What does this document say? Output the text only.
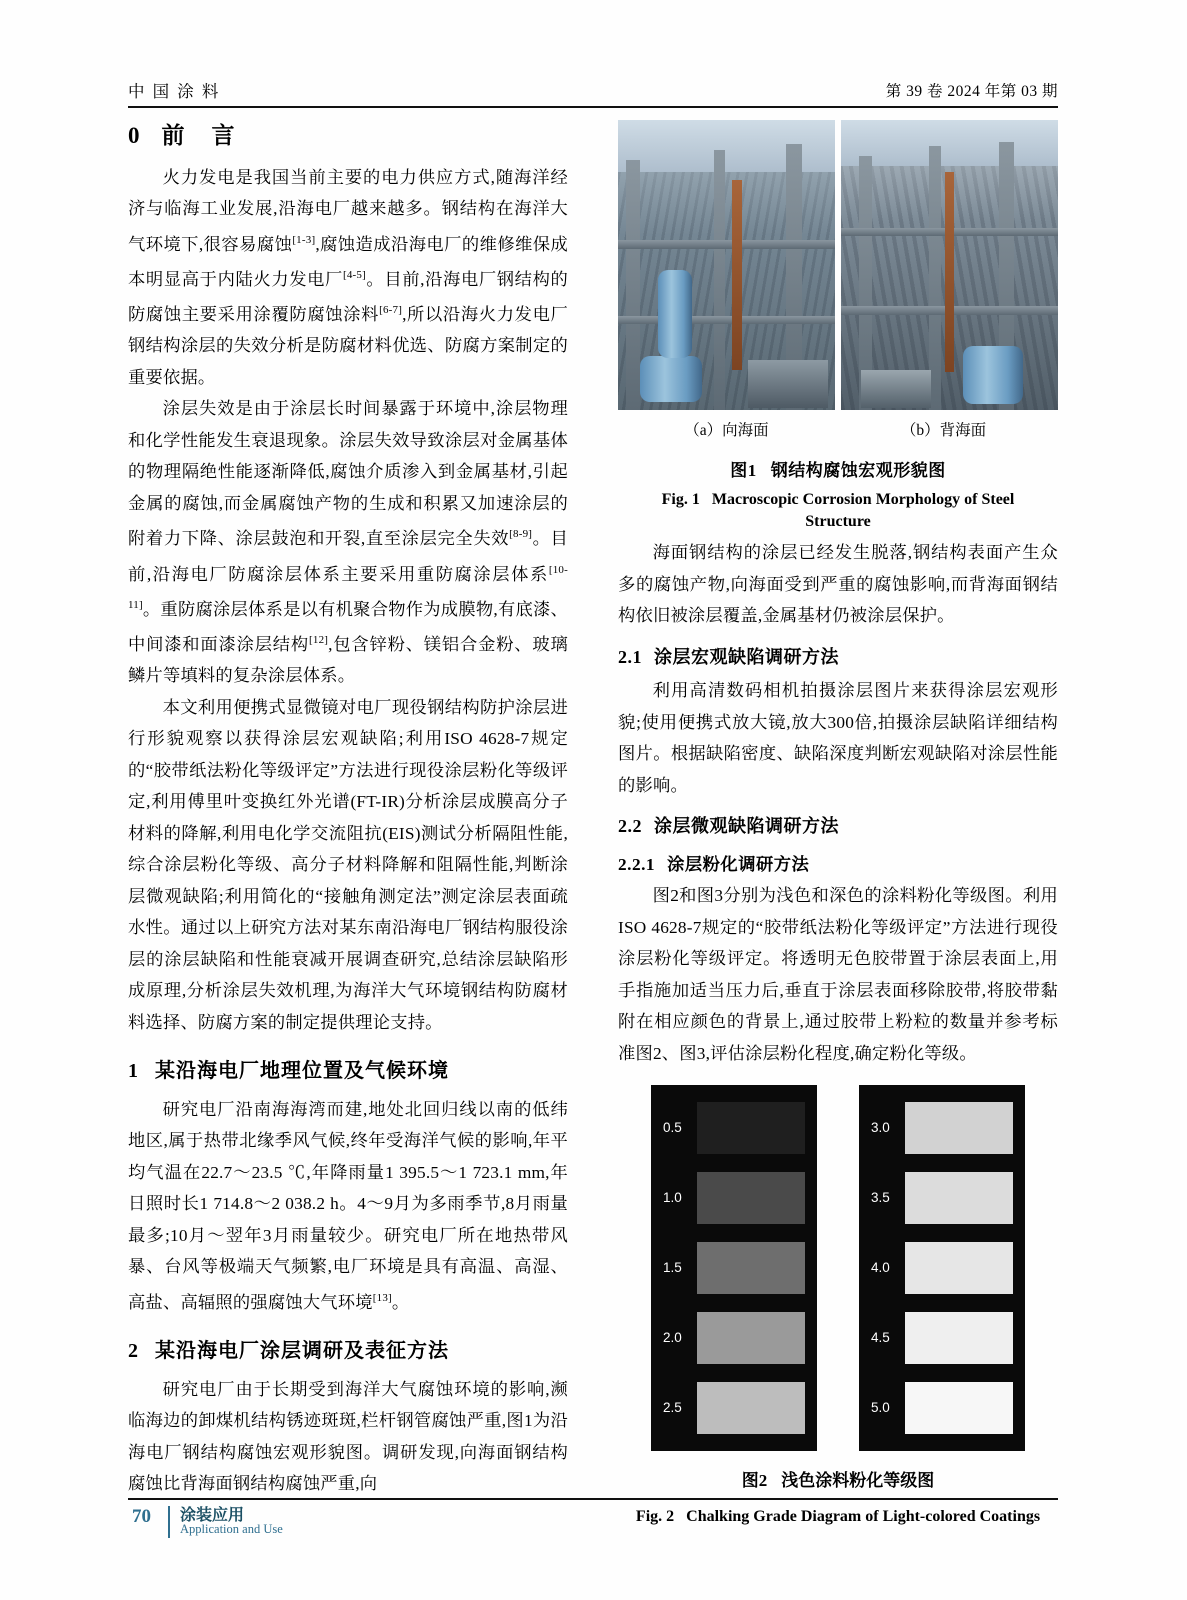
中 国 涂 料	第 39 卷 2024 年第 03 期
0 前　言

火力发电是我国当前主要的电力供应方式,随海洋经济与临海工业发展,沿海电厂越来越多。钢结构在海洋大气环境下,很容易腐蚀[1-3],腐蚀造成沿海电厂的维修维保成本明显高于内陆火力发电厂[4-5]。目前,沿海电厂钢结构的防腐蚀主要采用涂覆防腐蚀涂料[6-7],所以沿海火力发电厂钢结构涂层的失效分析是防腐材料优选、防腐方案制定的重要依据。

涂层失效是由于涂层长时间暴露于环境中,涂层物理和化学性能发生衰退现象。涂层失效导致涂层对金属基体的物理隔绝性能逐渐降低,腐蚀介质渗入到金属基材,引起金属的腐蚀,而金属腐蚀产物的生成和积累又加速涂层的附着力下降、涂层鼓泡和开裂,直至涂层完全失效[8-9]。目前,沿海电厂防腐涂层体系主要采用重防腐涂层体系[10-11]。重防腐涂层体系是以有机聚合物作为成膜物,有底漆、中间漆和面漆涂层结构[12],包含锌粉、镁铝合金粉、玻璃鳞片等填料的复杂涂层体系。

本文利用便携式显微镜对电厂现役钢结构防护涂层进行形貌观察以获得涂层宏观缺陷;利用ISO 4628-7规定的“胶带纸法粉化等级评定”方法进行现役涂层粉化等级评定,利用傅里叶变换红外光谱(FT-IR)分析涂层成膜高分子材料的降解,利用电化学交流阻抗(EIS)测试分析隔阻性能,综合涂层粉化等级、高分子材料降解和阻隔性能,判断涂层微观缺陷;利用简化的“接触角测定法”测定涂层表面疏水性。通过以上研究方法对某东南沿海电厂钢结构服役涂层的涂层缺陷和性能衰减开展调查研究,总结涂层缺陷形成原理,分析涂层失效机理,为海洋大气环境钢结构防腐材料选择、防腐方案的制定提供理论支持。

1 某沿海电厂地理位置及气候环境

研究电厂沿南海海湾而建,地处北回归线以南的低纬地区,属于热带北缘季风气候,终年受海洋气候的影响,年平均气温在22.7～23.5 ℃,年降雨量1 395.5～1 723.1 mm,年日照时长1 714.8～2 038.2 h。4～9月为多雨季节,8月雨量最多;10月～翌年3月雨量较少。研究电厂所在地热带风暴、台风等极端天气频繁,电厂环境是具有高温、高湿、高盐、高辐照的强腐蚀大气环境[13]。

2 某沿海电厂涂层调研及表征方法

研究电厂由于长期受到海洋大气腐蚀环境的影响,濒临海边的卸煤机结构锈迹斑斑,栏杆钢管腐蚀严重,图1为沿海电厂钢结构腐蚀宏观形貌图。调研发现,向海面钢结构腐蚀比背海面钢结构腐蚀严重,向

（a）向海面	（b）背海面
图1 钢结构腐蚀宏观形貌图
Fig. 1 Macroscopic Corrosion Morphology of Steel
Structure

海面钢结构的涂层已经发生脱落,钢结构表面产生众多的腐蚀产物,向海面受到严重的腐蚀影响,而背海面钢结构依旧被涂层覆盖,金属基材仍被涂层保护。

2.1 涂层宏观缺陷调研方法

利用高清数码相机拍摄涂层图片来获得涂层宏观形貌;使用便携式放大镜,放大300倍,拍摄涂层缺陷详细结构图片。根据缺陷密度、缺陷深度判断宏观缺陷对涂层性能的影响。

2.2 涂层微观缺陷调研方法
2.2.1 涂层粉化调研方法

图2和图3分别为浅色和深色的涂料粉化等级图。利用ISO 4628-7规定的“胶带纸法粉化等级评定”方法进行现役涂层粉化等级评定。将透明无色胶带置于涂层表面上,用手指施加适当压力后,垂直于涂层表面移除胶带,将胶带黏附在相应颜色的背景上,通过胶带上粉粒的数量并参考标准图2、图3,评估涂层粉化程度,确定粉化等级。

0.5
1.0
1.5
2.0
2.5
3.0
3.5
4.0
4.5
5.0
图2 浅色涂料粉化等级图
Fig. 2 Chalking Grade Diagram of Light-colored Coatings
70 涂装应用
Application and Use
